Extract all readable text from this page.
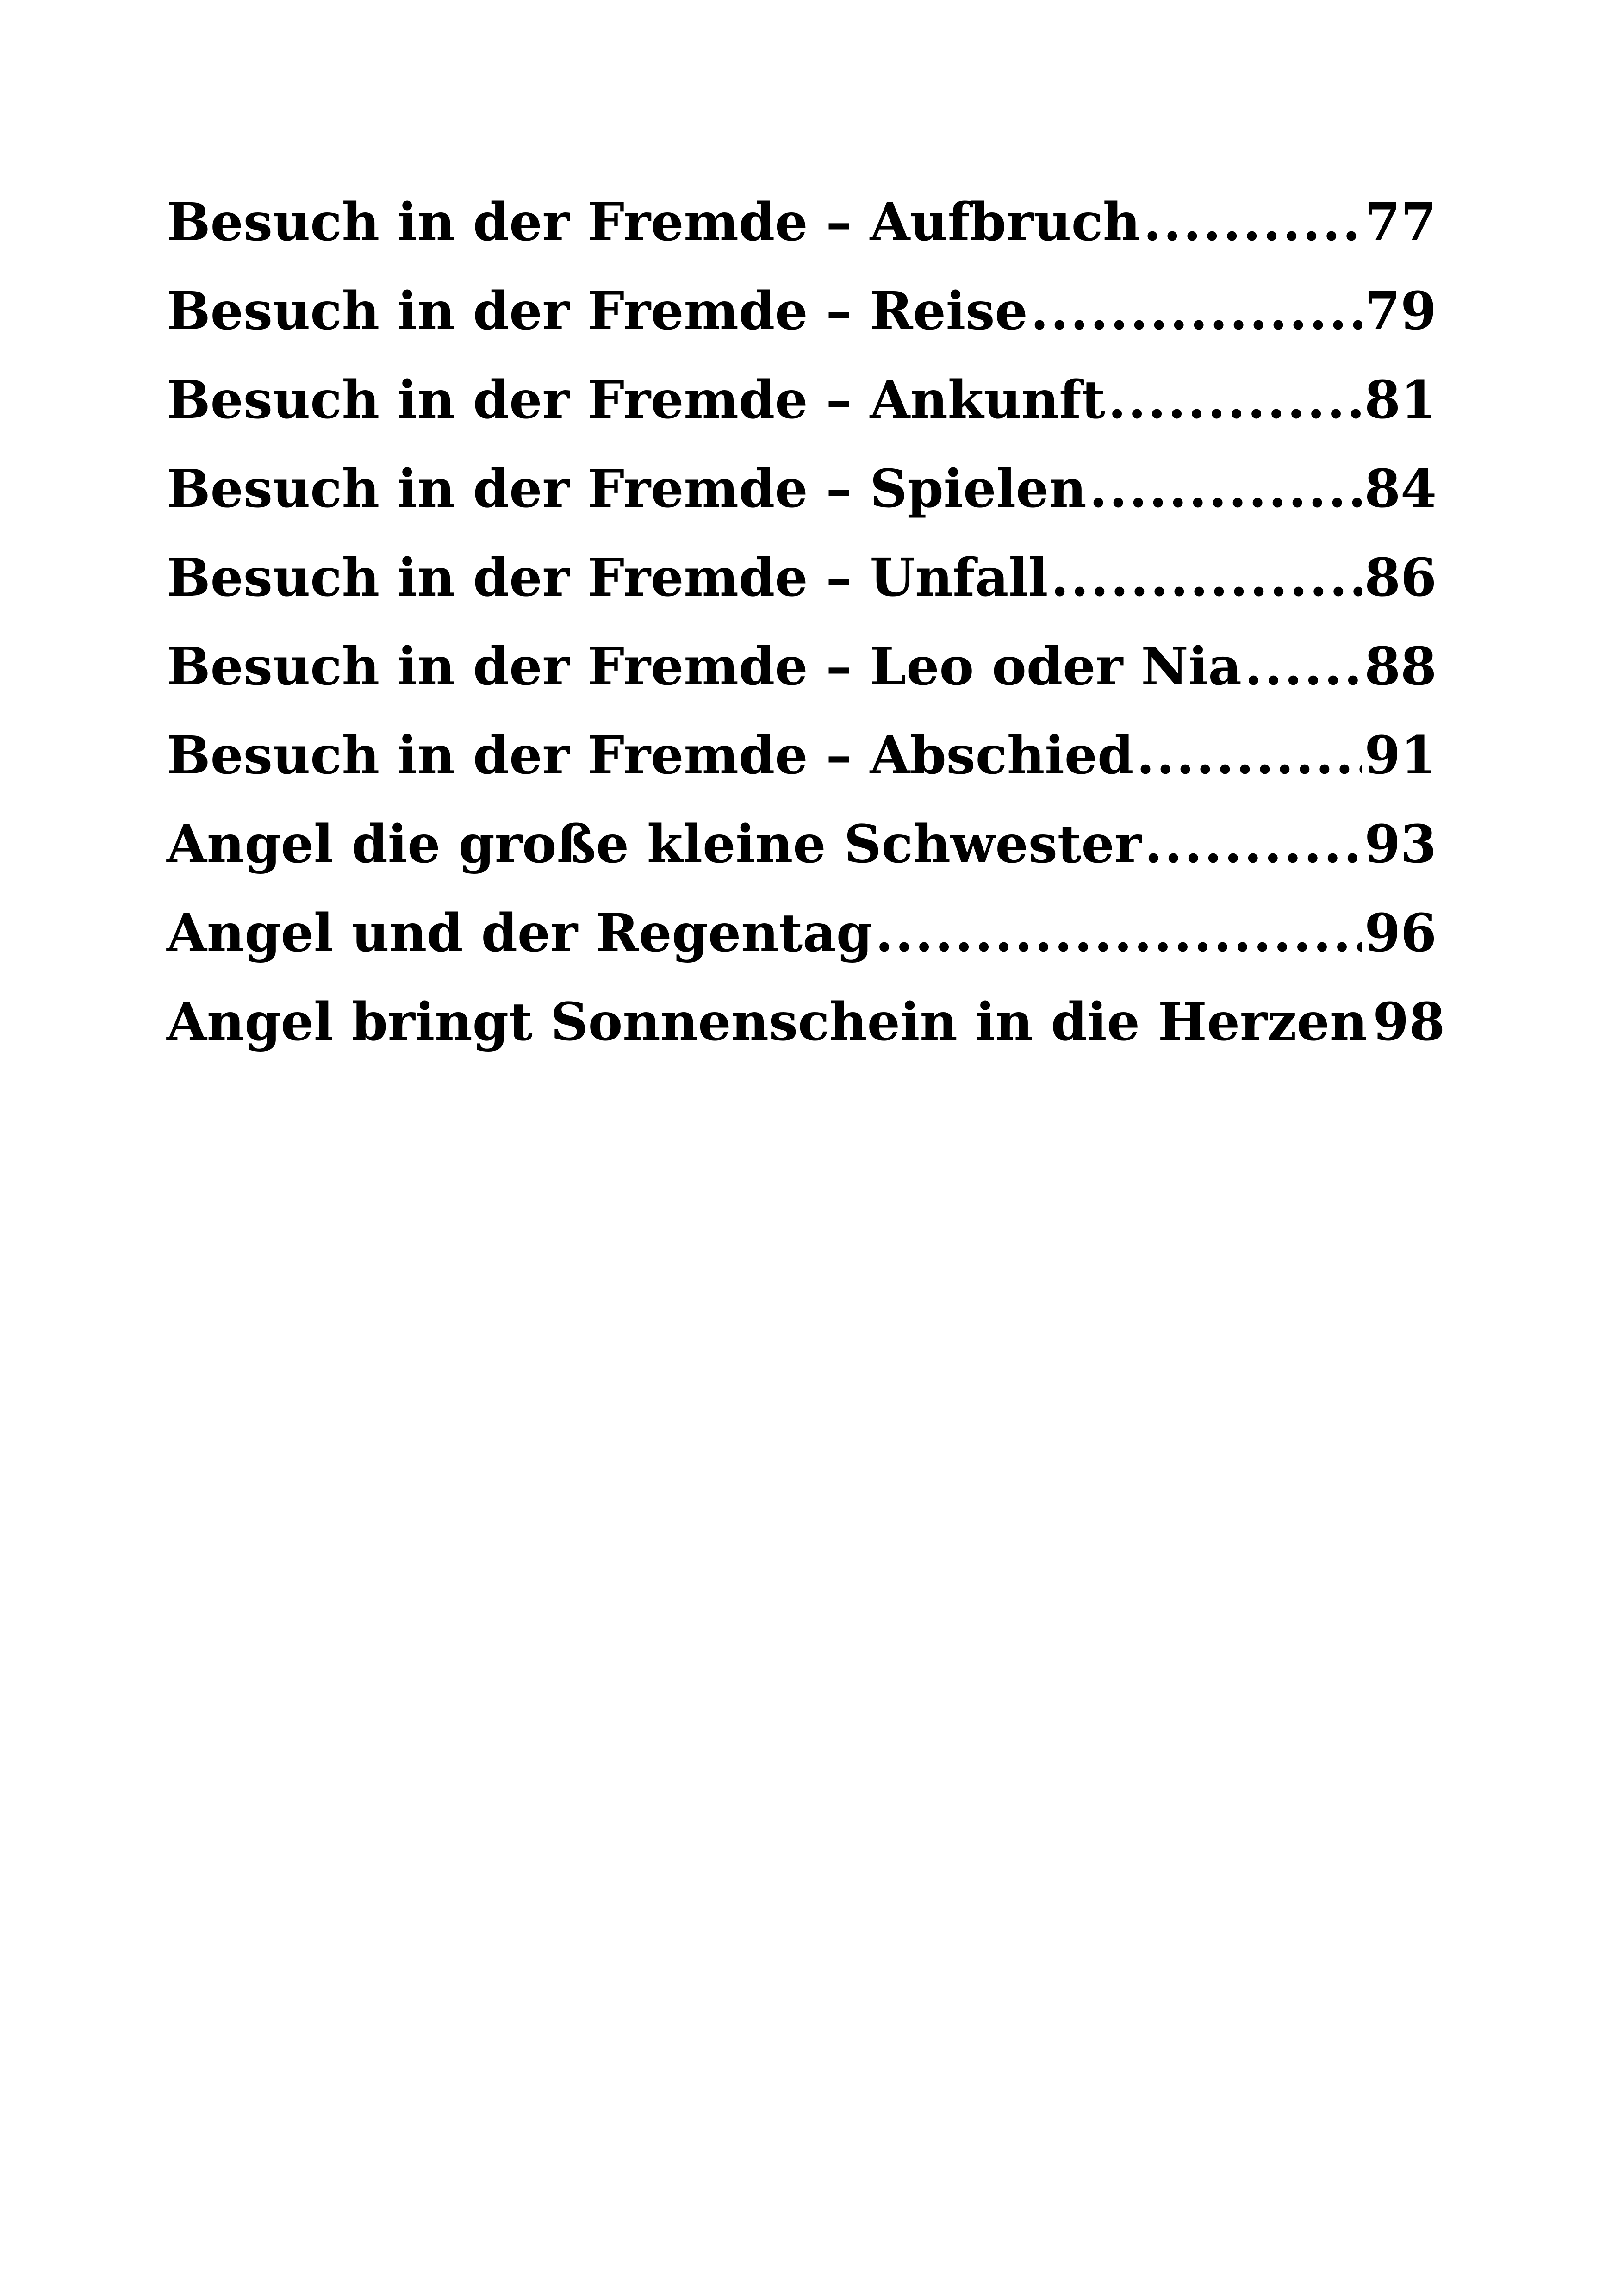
Besuch in der Fremde – Aufbruch .....	77
Besuch in der Fremde – Reise .....	79
Besuch in der Fremde – Ankunft .....	81
Besuch in der Fremde – Spielen .....	84
Besuch in der Fremde – Unfall .....	86
Besuch in der Fremde – Leo oder Nia ..... 88
Besuch in der Fremde – Abschied .....	91
Angel die große kleine Schwester .....	93
Angel und der Regentag .....	96
Angel bringt Sonnenschein in die Herzen 98
